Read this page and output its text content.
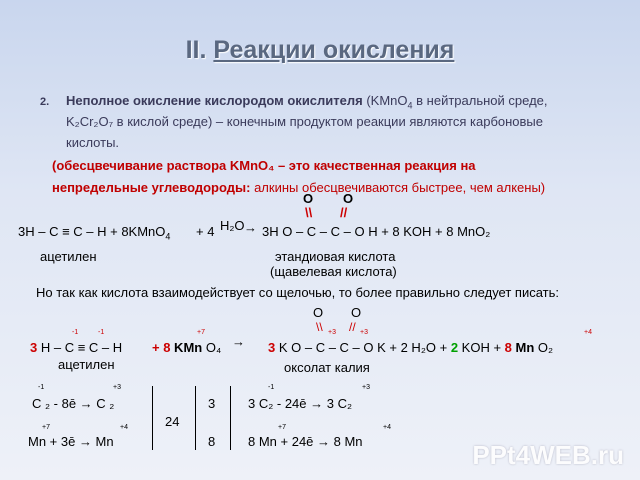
II. Реакции окисления
2. Неполное окисление кислородом окислителя (KMnO$_4$ в нейтральной среде,
K₂Cr₂O₇ в кислой среде) – конечным продуктом реакции являются карбоновые
кислоты.
(обесцвечивание раствора KMnO₄ – это качественная реакция на
непредельные углеводороды: алкины обесцвечиваются быстрее, чем алкены)
O O
\\ //
3H – C ≡ C – H + 8KMnO$_4$ + 4 H₂O → 3H O – C – C – O H + 8 KOH + 8 MnO₂
ацетилен	этандиовая кислота
(щавелевая кислота)
Но так как кислота взаимодействует со щелочью, то более правильно следует писать:
O O
-1	-1	+7	\\ //
+3	+3	+4
3 H – C ≡ C – H + 8 KMn O₄ → 3 K O – C – C – O K + 2 H₂O + 2 KOH + 8 Mn O₂
ацетилен	оксолат калия
-1	+3
C ₂ - 8ē → C ₂
+7	+4
Mn + 3ē → Mn
24
3
8
-1	+3
3 C₂ - 24ē → 3 C₂
+7	+4
8 Mn + 24ē → 8 Mn	PPt4WEB.ru
